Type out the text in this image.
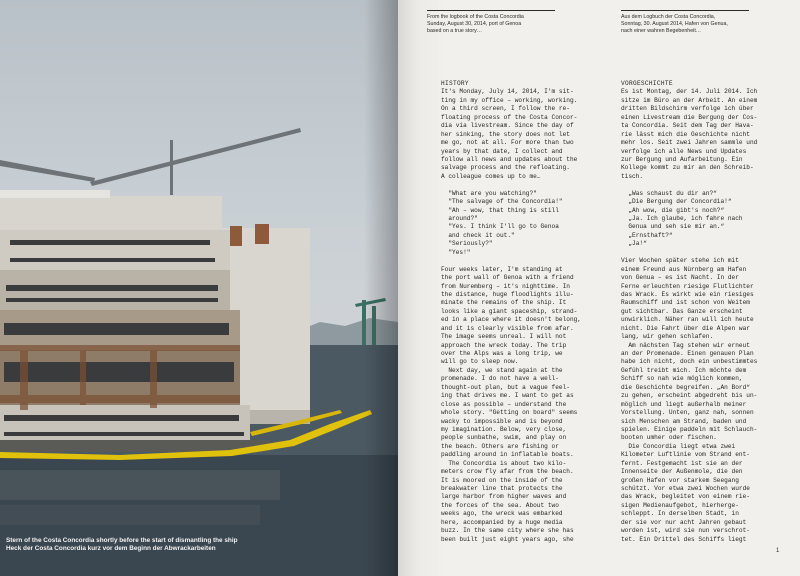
Stern of the Costa Concordia shortly before the start of dismantling the ship
Heck der Costa Concordia kurz vor dem Beginn der Abwrackarbeiten
From the logbook of the Costa Concordia
Sunday, August 30, 2014, port of Genoa
based on a true story…
Aus dem Logbuch der Costa Concordia,
Sonntag, 30. August 2014, Hafen von Genua,
nach einer wahren Begebenheit…
HISTORY
It's Monday, July 14, 2014, I'm sit-
ting in my office – working, working.
On a third screen, I follow the re-
floating process of the Costa Concor-
dia via livestream. Since the day of
her sinking, the story does not let
me go, not at all. For more than two
years by that date, I collect and
follow all news and updates about the
salvage process and the refloating.
A colleague comes up to me…
"What are you watching?"
"The salvage of the Concordia!"
"Ah – wow, that thing is still
around?"
"Yes. I think I'll go to Genoa
and check it out."
"Seriously?"
"Yes!"
Four weeks later, I'm standing at
the port wall of Genoa with a friend
from Nuremberg – it's nighttime. In
the distance, huge floodlights illu-
minate the remains of the ship. It
looks like a giant spaceship, strand-
ed in a place where it doesn't belong,
and it is clearly visible from afar.
The image seems unreal. I will not
approach the wreck today. The trip
over the Alps was a long trip, we
will go to sleep now.
Next day, we stand again at the
promenade. I do not have a well-
thought-out plan, but a vague feel-
ing that drives me. I want to get as
close as possible – understand the
whole story. "Getting on board" seems
wacky to impossible and is beyond
my imagination. Below, very close,
people sunbathe, swim, and play on
the beach. Others are fishing or
paddling around in inflatable boats.
The Concordia is about two kilo-
meters crow fly afar from the beach.
It is moored on the inside of the
breakwater line that protects the
large harbor from higher waves and
the forces of the sea. About two
weeks ago, the wreck was embarked
here, accompanied by a huge media
buzz. In the same city where she has
been built just eight years ago, she
VORGESCHICHTE
Es ist Montag, der 14. Juli 2014. Ich
sitze im Büro an der Arbeit. An einem
dritten Bildschirm verfolge ich über
einen Livestream die Bergung der Cos-
ta Concordia. Seit dem Tag der Hava-
rie lässt mich die Geschichte nicht
mehr los. Seit zwei Jahren sammle und
verfolge ich alle News und Updates
zur Bergung und Aufarbeitung. Ein
Kollege kommt zu mir an den Schreib-
tisch.
„Was schaust du dir an?“
„Die Bergung der Concordia!“
„Ah wow, die gibt's noch?“
„Ja. Ich glaube, ich fahre nach
Genua und seh sie mir an.“
„Ernsthaft?“
„Ja!“
Vier Wochen später stehe ich mit
einem Freund aus Nürnberg am Hafen
von Genua – es ist Nacht. In der
Ferne erleuchten riesige Flutlichter
das Wrack. Es wirkt wie ein riesiges
Raumschiff und ist schon von Weitem
gut sichtbar. Das Ganze erscheint
unwirklich. Näher ran will ich heute
nicht. Die Fahrt über die Alpen war
lang, wir gehen schlafen.
Am nächsten Tag stehen wir erneut
an der Promenade. Einen genauen Plan
habe ich nicht, doch ein unbestimmtes
Gefühl treibt mich. Ich möchte dem
Schiff so nah wie möglich kommen,
die Geschichte begreifen. „An Bord“
zu gehen, erscheint abgedreht bis un-
möglich und liegt außerhalb meiner
Vorstellung. Unten, ganz nah, sonnen
sich Menschen am Strand, baden und
spielen. Einige paddeln mit Schlauch-
booten umher oder fischen.
Die Concordia liegt etwa zwei
Kilometer Luftlinie vom Strand ent-
fernt. Festgemacht ist sie an der
Innenseite der Außenmole, die den
großen Hafen vor starkem Seegang
schützt. Vor etwa zwei Wochen wurde
das Wrack, begleitet von einem rie-
sigen Medienaufgebot, hierherge-
schleppt. In derselben Stadt, in
der sie vor nur acht Jahren gebaut
worden ist, wird sie nun verschrot-
tet. Ein Drittel des Schiffs liegt
1
